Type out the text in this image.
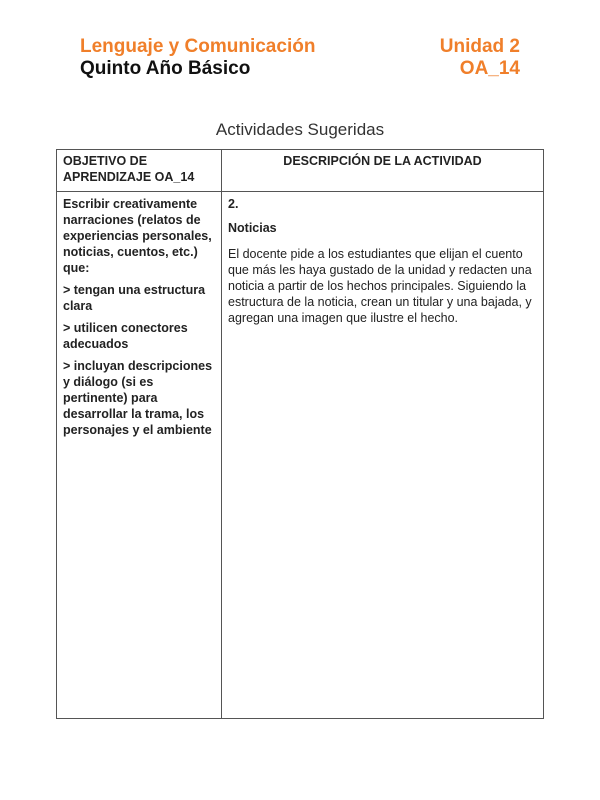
Lenguaje y Comunicación
Quinto Año Básico
Unidad 2
OA_14
Actividades Sugeridas
OBJETIVO DE APRENDIZAJE OA_14
DESCRIPCIÓN DE LA ACTIVIDAD

Escribir creativamente narraciones (relatos de experiencias personales, noticias, cuentos, etc.) que:

> tengan una estructura clara

> utilicen conectores adecuados

> incluyan descripciones y diálogo (si es pertinente) para desarrollar la trama, los personajes y el ambiente

2.

Noticias

El docente pide a los estudiantes que elijan el cuento que más les haya gustado de la unidad y redacten una noticia a partir de los hechos principales. Siguiendo la estructura de la noticia, crean un titular y una bajada, y agregan una imagen que ilustre el hecho.
